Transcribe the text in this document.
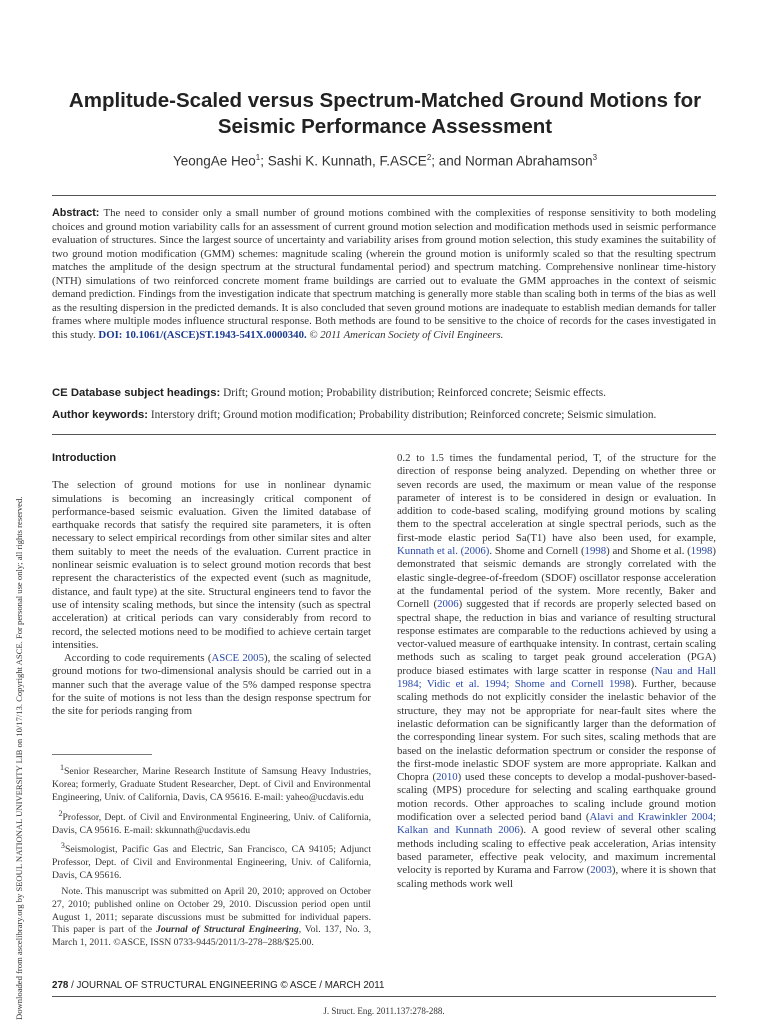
Downloaded from ascelibrary.org by SEOUL NATIONAL UNIVERSITY LIB on 10/17/13. Copyright ASCE. For personal use only; all rights reserved.
Amplitude-Scaled versus Spectrum-Matched Ground Motions for Seismic Performance Assessment
YeongAe Heo$^1$; Sashi K. Kunnath, F.ASCE$^2$; and Norman Abrahamson$^3$
Abstract: The need to consider only a small number of ground motions combined with the complexities of response sensitivity to both modeling choices and ground motion variability calls for an assessment of current ground motion selection and modification methods used in seismic performance evaluation of structures. Since the largest source of uncertainty and variability arises from ground motion selection, this study examines the suitability of two ground motion modification (GMM) schemes: magnitude scaling (wherein the ground motion is uniformly scaled so that the resulting spectrum matches the amplitude of the design spectrum at the structural fundamental period) and spectrum matching. Comprehensive nonlinear time-history (NTH) simulations of two reinforced concrete moment frame buildings are carried out to evaluate the GMM approaches in the context of seismic demand prediction. Findings from the investigation indicate that spectrum matching is generally more stable than scaling both in terms of the bias as well as the resulting dispersion in the predicted demands. It is also concluded that seven ground motions are inadequate to establish median demands for taller frames where multiple modes influence structural response. Both methods are found to be sensitive to the choice of records for the cases investigated in this study. DOI: 10.1061/(ASCE)ST.1943-541X.0000340. © 2011 American Society of Civil Engineers.
CE Database subject headings: Drift; Ground motion; Probability distribution; Reinforced concrete; Seismic effects.
Author keywords: Interstory drift; Ground motion modification; Probability distribution; Reinforced concrete; Seismic simulation.
Introduction

The selection of ground motions for use in nonlinear dynamic simulations is becoming an increasingly critical component of performance-based seismic evaluation. Given the limited database of earthquake records that satisfy the required site parameters, it is often necessary to select empirical recordings from other similar sites and alter them suitably to meet the needs of the evaluation. Current practice in nonlinear seismic evaluation is to select ground motion records that best represent the characteristics of the expected event (such as magnitude, distance, and fault type) at the site. Structural engineers tend to favor the use of intensity scaling methods, but since the intensity (such as spectral acceleration) at critical periods can vary considerably from record to record, the selected motions need to be modified to achieve certain target intensities.

According to code requirements (ASCE 2005), the scaling of selected ground motions for two-dimensional analysis should be carried out in a manner such that the average value of the 5% damped response spectra for the suite of motions is not less than the design response spectrum for the site for periods ranging from

$^1$Senior Researcher, Marine Research Institute of Samsung Heavy Industries, Korea; formerly, Graduate Student Researcher, Dept. of Civil and Environmental Engineering, Univ. of California, Davis, CA 95616. E-mail: yaheo@ucdavis.edu

$^2$Professor, Dept. of Civil and Environmental Engineering, Univ. of California, Davis, CA 95616. E-mail: skkunnath@ucdavis.edu

$^3$Seismologist, Pacific Gas and Electric, San Francisco, CA 94105; Adjunct Professor, Dept. of Civil and Environmental Engineering, Univ. of California, Davis, CA 95616.

Note. This manuscript was submitted on April 20, 2010; approved on October 27, 2010; published online on October 29, 2010. Discussion period open until August 1, 2011; separate discussions must be submitted for individual papers. This paper is part of the Journal of Structural Engineering, Vol. 137, No. 3, March 1, 2011. ©ASCE, ISSN 0733-9445/2011/3-278–288/$25.00.

0.2 to 1.5 times the fundamental period, T, of the structure for the direction of response being analyzed. Depending on whether three or seven records are used, the maximum or mean value of the response parameter of interest is to be considered in design or evaluation. In addition to code-based scaling, modifying ground motions by scaling them to the spectral acceleration at single spectral periods, such as the first-mode elastic period Sa(T1) have also been used, for example, Kunnath et al. (2006). Shome and Cornell (1998) and Shome et al. (1998) demonstrated that seismic demands are strongly correlated with the elastic single-degree-of-freedom (SDOF) oscillator response acceleration at the fundamental period of the system. More recently, Baker and Cornell (2006) suggested that if records are properly selected based on spectral shape, the reduction in bias and variance of resulting structural response estimates are comparable to the reductions achieved by using a vector-valued measure of earthquake intensity. In contrast, certain scaling methods such as scaling to target peak ground acceleration (PGA) produce biased estimates with large scatter in response (Nau and Hall 1984; Vidic et al. 1994; Shome and Cornell 1998). Further, because scaling methods do not explicitly consider the inelastic behavior of the structure, they may not be appropriate for near-fault sites where the inelastic deformation can be significantly larger than the deformation of the corresponding linear system. For such sites, scaling methods that are based on the inelastic deformation spectrum or consider the response of the first-mode inelastic SDOF system are more appropriate. Kalkan and Chopra (2010) used these concepts to develop a modal-pushover-based-scaling (MPS) procedure for selecting and scaling earthquake ground motion records. Other approaches to scaling include ground motion modification over a selected period band (Alavi and Krawinkler 2004; Kalkan and Kunnath 2006). A good review of several other scaling methods including scaling to effective peak acceleration, Arias intensity based parameter, effective peak velocity, and maximum incremental velocity is reported by Kurama and Farrow (2003), where it is shown that scaling methods work well

278 / JOURNAL OF STRUCTURAL ENGINEERING © ASCE / MARCH 2011
J. Struct. Eng. 2011.137:278-288.
